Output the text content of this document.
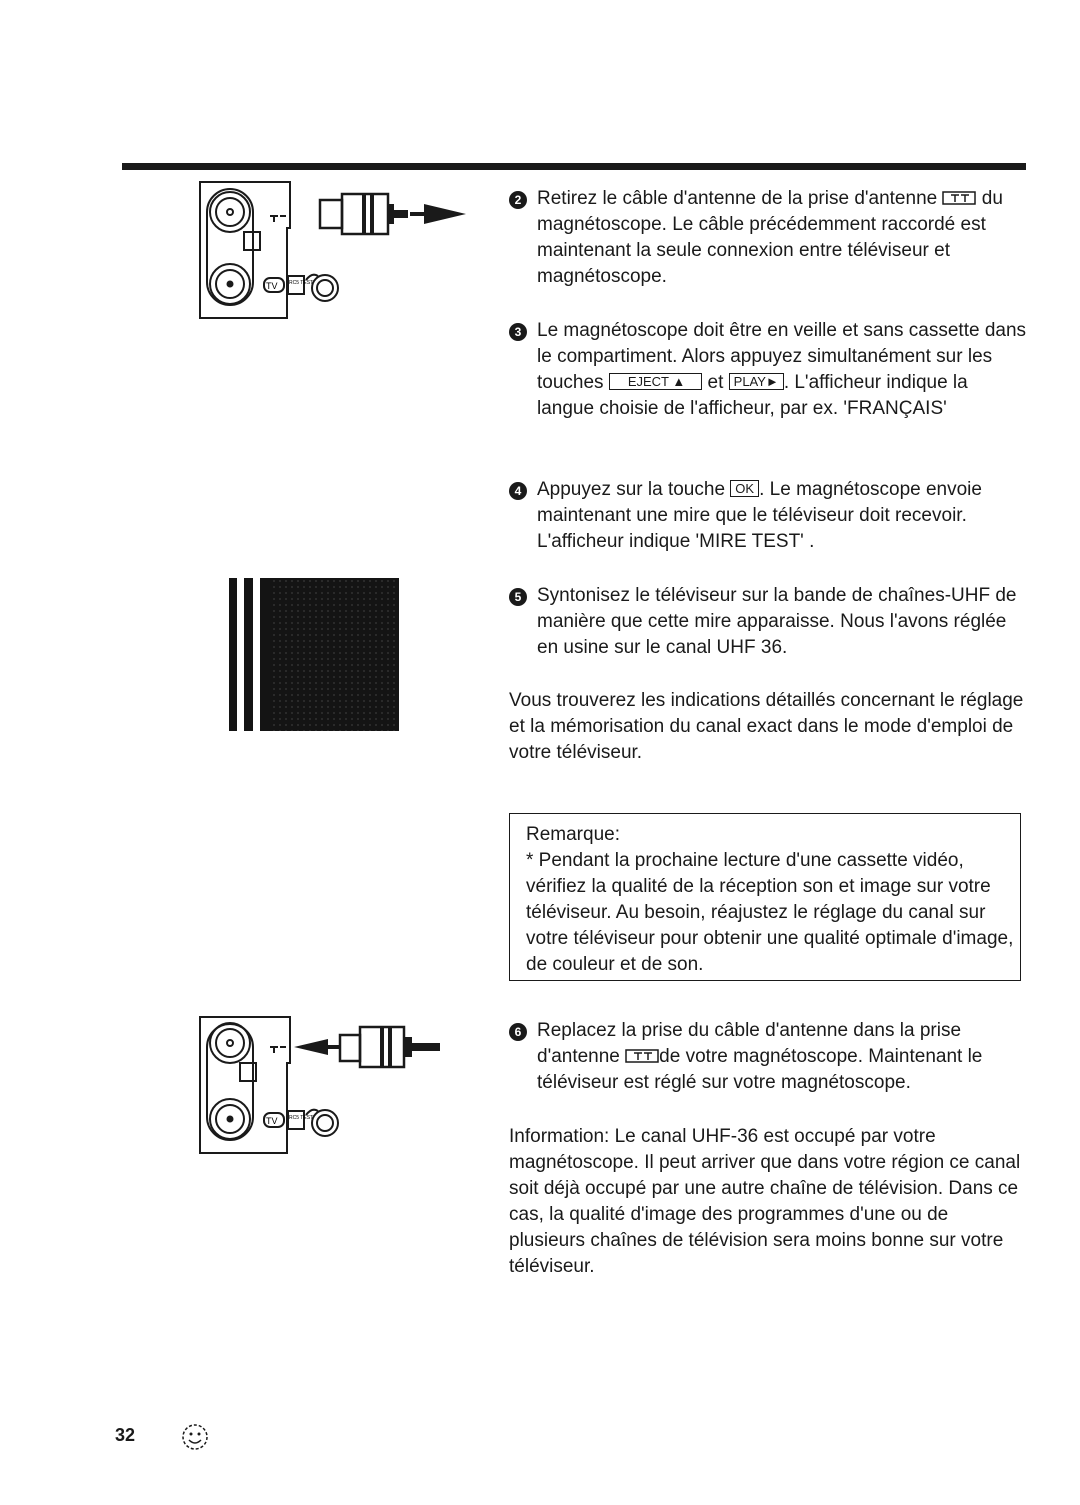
TV RC5 TEST
2 Retirez le câble d'antenne de la prise d'antenne  du magnétoscope. Le câble précédemment raccordé est maintenant la seule connexion entre téléviseur et magnétoscope.
3 Le magnétoscope doit être en veille et sans cassette dans le compartiment. Alors appuyez simultanément sur les touches EJECT ▲ et PLAY► . L'afficheur indique la langue choisie de l'afficheur, par ex. 'FRANÇAIS'
4 Appuyez sur la touche OK . Le magnétoscope envoie maintenant une mire que le téléviseur doit recevoir. L'afficheur indique 'MIRE TEST' .
5 Syntonisez le téléviseur sur la bande de chaînes-UHF de manière que cette mire apparaisse. Nous l'avons réglée en usine sur le canal UHF 36.
Vous trouverez les indications détaillés concernant le réglage et la mémorisation du canal exact dans le mode d'emploi de votre téléviseur.
Remarque:
* Pendant la prochaine lecture d'une cassette vidéo, vérifiez la qualité de la réception son et image sur votre téléviseur. Au besoin, réajustez le réglage du canal sur votre téléviseur pour obtenir une qualité optimale d'image, de couleur et de son.
TV RC5 TEST
6 Replacez la prise du câble d'antenne dans la prise d'antenne de votre magnétoscope. Maintenant le téléviseur est réglé sur votre magnétoscope.
Information: Le canal UHF-36 est occupé par votre magnétoscope. Il peut arriver que dans votre région ce canal soit déjà occupé par une autre chaîne de télévision. Dans ce cas, la qualité d'image des programmes d'une ou de plusieurs chaînes de télévision sera moins bonne sur votre téléviseur.
32
